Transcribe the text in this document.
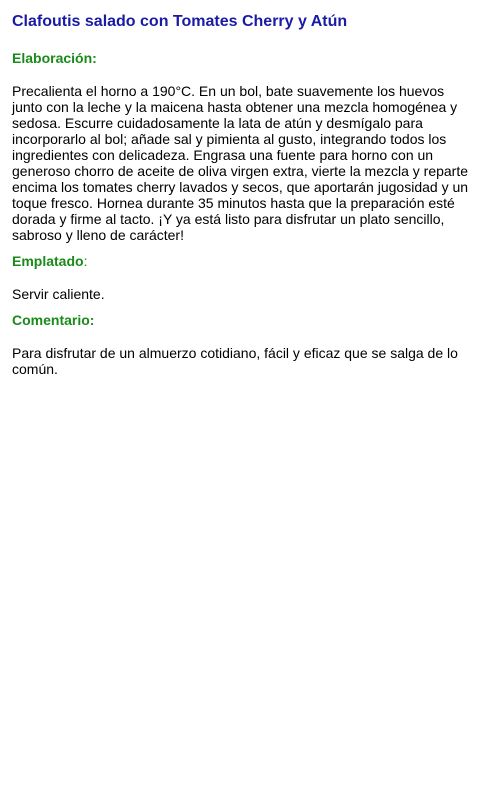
Clafoutis salado con Tomates Cherry y Atún
Elaboración:

Precalienta el horno a 190°C. En un bol, bate suavemente los huevos junto con la leche y la maicena hasta obtener una mezcla homogénea y sedosa. Escurre cuidadosamente la lata de atún y desmígalo para incorporarlo al bol; añade sal y pimienta al gusto, integrando todos los ingredientes con delicadeza. Engrasa una fuente para horno con un generoso chorro de aceite de oliva virgen extra, vierte la mezcla y reparte encima los tomates cherry lavados y secos, que aportarán jugosidad y un toque fresco. Hornea durante 35 minutos hasta que la preparación esté dorada y firme al tacto. ¡Y ya está listo para disfrutar un plato sencillo, sabroso y lleno de carácter!

Emplatado:

Servir caliente.

Comentario:

Para disfrutar de un almuerzo cotidiano, fácil y eficaz que se salga de lo común.
